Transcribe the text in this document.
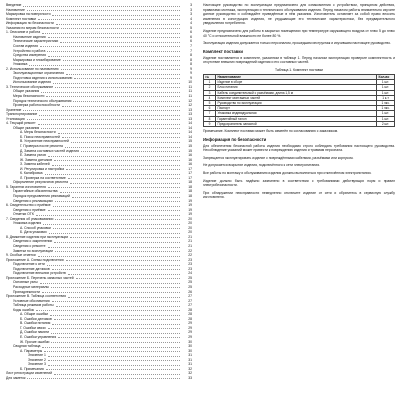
Введение	3
Назначение	3
Маркировка на поверхности	3
Комплект поставки	4
Информация по безопасности	4
Указания по мерам безопасности	5
1. Описание и работа	6
Назначение изделия	6
Технические характеристики	6
Состав изделия	7
Устройство и работа	7
Средства измерения	8
Маркировка и пломбирование	8
Упаковка	8
2. Использование по назначению	9
Эксплуатационные ограничения	9
Подготовка изделия к использованию	9
Использование изделия	10
3. Техническое обслуживание	11
Общие указания	11
Меры безопасности	11
Порядок технического обслуживания	12
Проверка работоспособности	12
Хранение	13
Транспортирование	13
Утилизация	13
4. Текущий ремонт	14
Общие указания	14
А. Меры безопасности	14
Б. Поиск неисправностей	14
В. Устранение неисправностей	15
Г. Проверка после ремонта	15
Д. Замена составных частей изделия	15
Е. Замена узлов	16
Ж. Замена датчиков	16
З. Замена кабелей	16
И. Регулировка и настройка	17
К. Калибровка	17
Л. Проверка на соответствие	17
Оформление результатов ремонта	18
5. Гарантии изготовителя	18
Гарантийные обязательства	18
Порядок предъявления рекламаций	18
Сведения о рекламациях	19
6. Свидетельство о приёмке	19
Сведения о приёмке	19
Отметки ОТК	19
7. Сведения об упаковывании	20
Упаковка изделия	20
А. Способ упаковки	20
Б. Дата упаковки	20
8. Движение изделия при эксплуатации	21
Сведения о закреплении	21
Сведения о ремонте	21
Заметки по эксплуатации	22
9. Особые отметки	22
Приложение А. Схемы подключения	23
Подключение к сети	23
Подключение датчиков	23
Подключение внешних устройств	24
Приложение Б. Перечень запасных частей	25
Основные узлы	25
Расходные материалы	25
Принадлежности	26
Приложение В. Таблица соответствия	27
Условные обозначения	27
Таблица режимов работы	27
Коды ошибок	28
А. Общие ошибки	28
Б. Ошибки датчиков	28
В. Ошибки питания	29
Г. Ошибки связи	29
Д. Ошибки памяти	29
Е. Ошибки управления	29
Ж. Прочие ошибки	30
Сводная таблица	30
А. Параметры	30
Значение 1	31
Значение 2	31
Значение 3	31
Б. Примечания	32
Лист регистрации изменений	32
Для заметок	33

Настоящее руководство по эксплуатации предназначено для ознакомления с устройством, принципом действия, правилами монтажа, эксплуатации и технического обслуживания изделия. Перед началом работы внимательно изучите данное руководство и соблюдайте приведённые в нём указания. Изготовитель оставляет за собой право вносить изменения в конструкцию изделия, не ухудшающие его технические характеристики, без предварительного уведомления потребителя.

Изделие предназначено для работы в закрытых помещениях при температуре окружающего воздуха от плюс 5 до плюс 40 °С и относительной влажности не более 80 %.

Эксплуатация изделия допускается только персоналом, прошедшим инструктаж и изучившим настоящее руководство.

Комплект поставки

Изделие поставляется в комплекте, указанном в таблице 1. Перед началом эксплуатации проверьте комплектность и отсутствие внешних повреждений изделия и его составных частей.

Таблица 1. Комплект поставки
№	Наименование	Кол-во
1	Изделие в сборе	1 шт.
2	Блок питания	1 шт.
3	Кабель соединительный с разъёмами, длина 1,5 м	1 шт.
4	Комплект монтажных частей	1 к-т
5	Руководство по эксплуатации	1 экз.
6	Паспорт	1 экз.
7	Упаковка индивидуальная	1 шт.
8	Гарантийный талон	1 шт.
9	Предохранитель запасной	2 шт.

Примечание. Комплект поставки может быть изменён по согласованию с заказчиком.

Информация по безопасности

Для обеспечения безопасной работы изделия необходимо строго соблюдать требования настоящего руководства. Несоблюдение указаний может привести к повреждению изделия и травмам персонала.

Запрещается эксплуатировать изделие с повреждёнными кабелями, разъёмами или корпусом.

Не допускается вскрытие изделия, подключённого к сети электропитания.

Все работы по монтажу и обслуживанию изделия должны выполняться при отключённом электропитании.

Изделие должно быть надёжно заземлено в соответствии с требованиями действующих норм и правил электробезопасности.

При обнаружении неисправности немедленно отключите изделие от сети и обратитесь в сервисную службу изготовителя.
